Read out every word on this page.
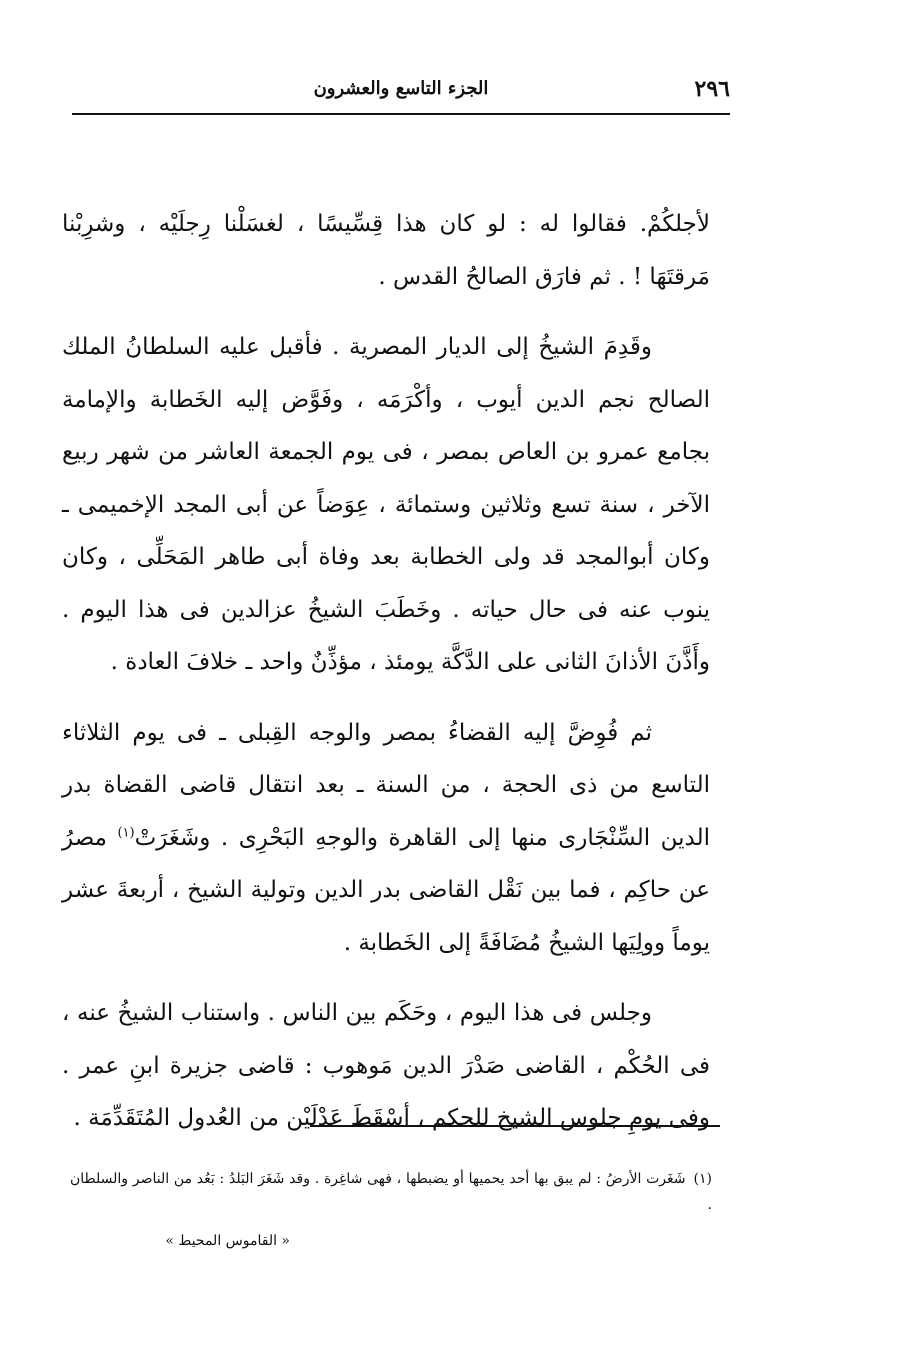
٢٩٦
الجزء التاسع والعشرون

لأجلكُمْ. فقالوا له : لو كان هذا قِسِّيسًا ، لغسَلْنا رِجلَيْه ، وشرِبْنا مَرقتَهَا ! . ثم فارَق الصالحُ القدس .

وقَدِمَ الشيخُ إلى الديار المصرية . فأقبل عليه السلطانُ الملك الصالح نجم الدين أيوب ، وأكْرَمَه ، وفَوَّض إليه الخَطابة والإمامة بجامع عمرو بن العاص بمصر ، فى يوم الجمعة العاشر من شهر ربيع الآخر ، سنة تسع وثلاثين وستمائة ، عِوَضاً عن أبى المجد الإخميمى ـ وكان أبوالمجد قد ولى الخطابة بعد وفاة أبى طاهر المَحَلِّى ، وكان ينوب عنه فى حال حياته . وخَطَبَ الشيخُ عزالدين فى هذا اليوم . وأَذَّنَ الأذانَ الثانى على الدَّكَّة يومئذ ، مؤذِّنٌ واحد ـ خلافَ العادة .

ثم فُوِضَّ إليه القضاءُ بمصر والوجه القِبلى ـ فى يوم الثلاثاء التاسع من ذى الحجة ، من السنة ـ بعد انتقال قاضى القضاة بدر الدين السِّنْجَارى منها إلى القاهرة والوجهِ البَحْرِى . وشَغَرَتْ$^{(١)}$ مصرُ عن حاكِم ، فما بين نَقْل القاضى بدر الدين وتولية الشيخ ، أربعةَ عشر يوماً وولِيَها الشيخُ مُضَافَةً إلى الخَطابة .

وجلس فى هذا اليوم ، وحَكَم بين الناس . واستناب الشيخُ عنه ، فى الحُكْم ، القاضى صَدْرَ الدين مَوهوب : قاضى جزيرة ابنِ عمر . وفى يومِ جلوس الشيخ للحكم ، أسْقَطَ عَدْلَيْن من العُدول المُتَقَدِّمَة .

(١)شَغَرت الأرضُ : لم يبق بها أحد يحميها أو يضبطها ، فهى شاغِرة . وقد شَغَرَ البَلدُ : بَعُد من الناصر والسلطان .
« القاموس المحيط »
